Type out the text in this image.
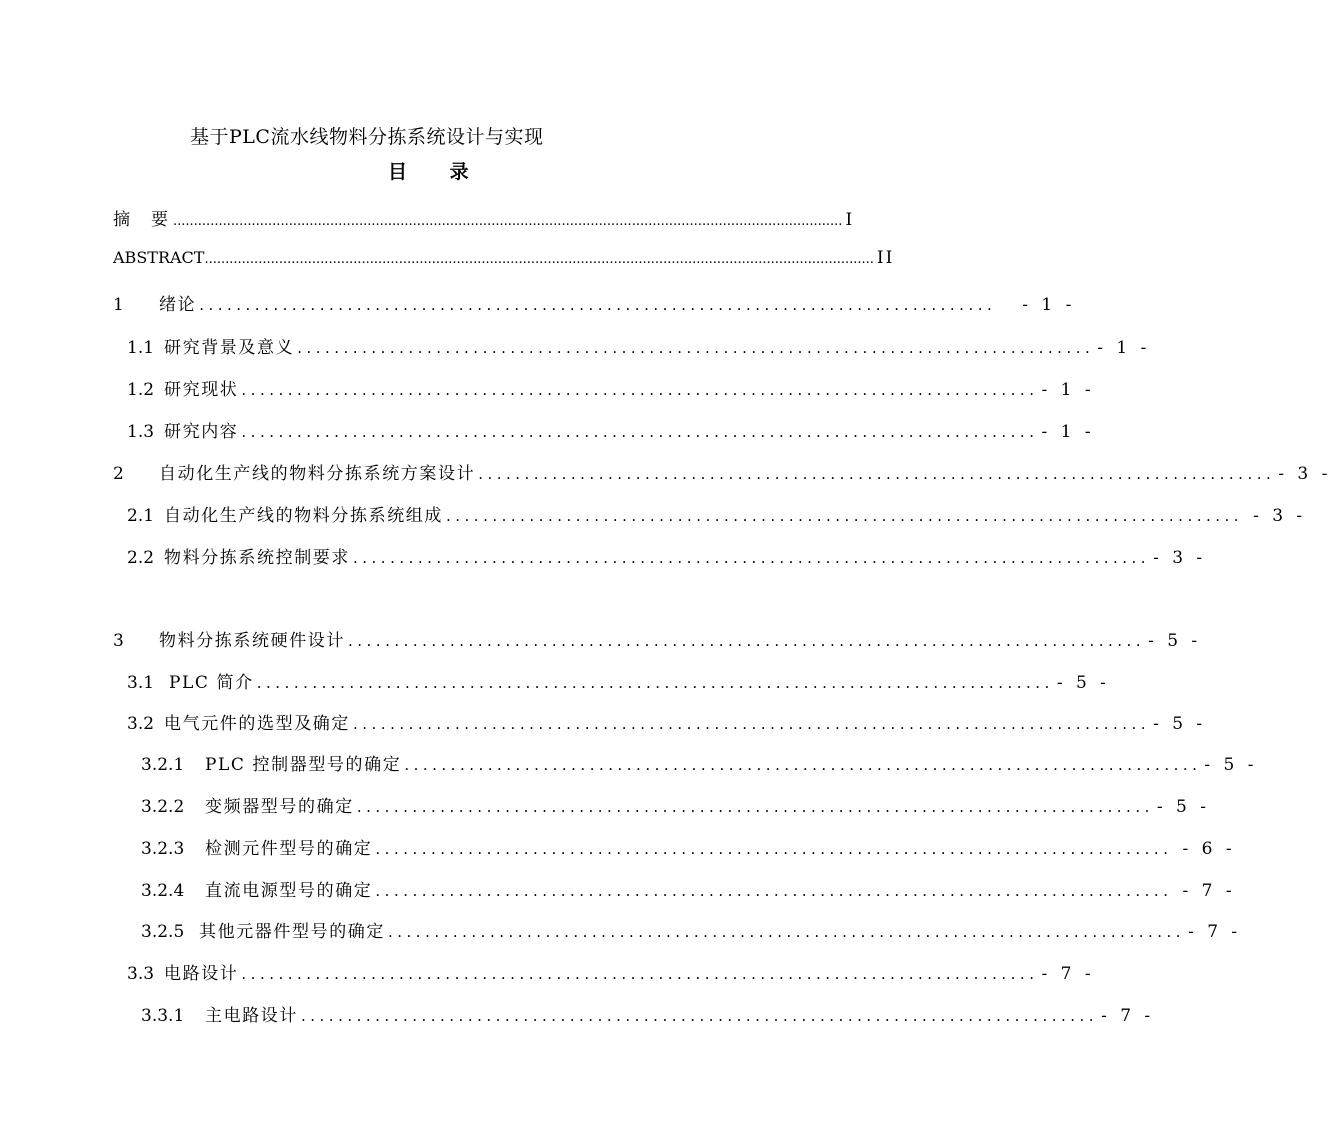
基于PLC流水线物料分拣系统设计与实现
目 录
摘　要 .................................................................................................................................................................. I
ABSTRACT .................................................................................................................................................................. II
1	绪论 ...................................................................................... - 1 -
1.1 研究背景及意义 ...................................................................................... - 1 -
1.2 研究现状 ...................................................................................... - 1 -
1.3 研究内容 ...................................................................................... - 1 -
2	自动化生产线的物料分拣系统方案设计 ...................................................................................... - 3 -
2.1 自动化生产线的物料分拣系统组成 ...................................................................................... - 3 -
2.2 物料分拣系统控制要求 ...................................................................................... - 3 -
3	物料分拣系统硬件设计 ...................................................................................... - 5 -
3.1 PLC 简介 ...................................................................................... - 5 -
3.2 电气元件的选型及确定 ...................................................................................... - 5 -
3.2.1	PLC 控制器型号的确定 ...................................................................................... - 5 -
3.2.2	变频器型号的确定 ...................................................................................... - 5 -
3.2.3	检测元件型号的确定 ...................................................................................... - 6 -
3.2.4	直流电源型号的确定 ...................................................................................... - 7 -
3.2.5 其他元器件型号的确定 ...................................................................................... - 7 -
3.3 电路设计 ...................................................................................... - 7 -
3.3.1	主电路设计 ...................................................................................... - 7 -
